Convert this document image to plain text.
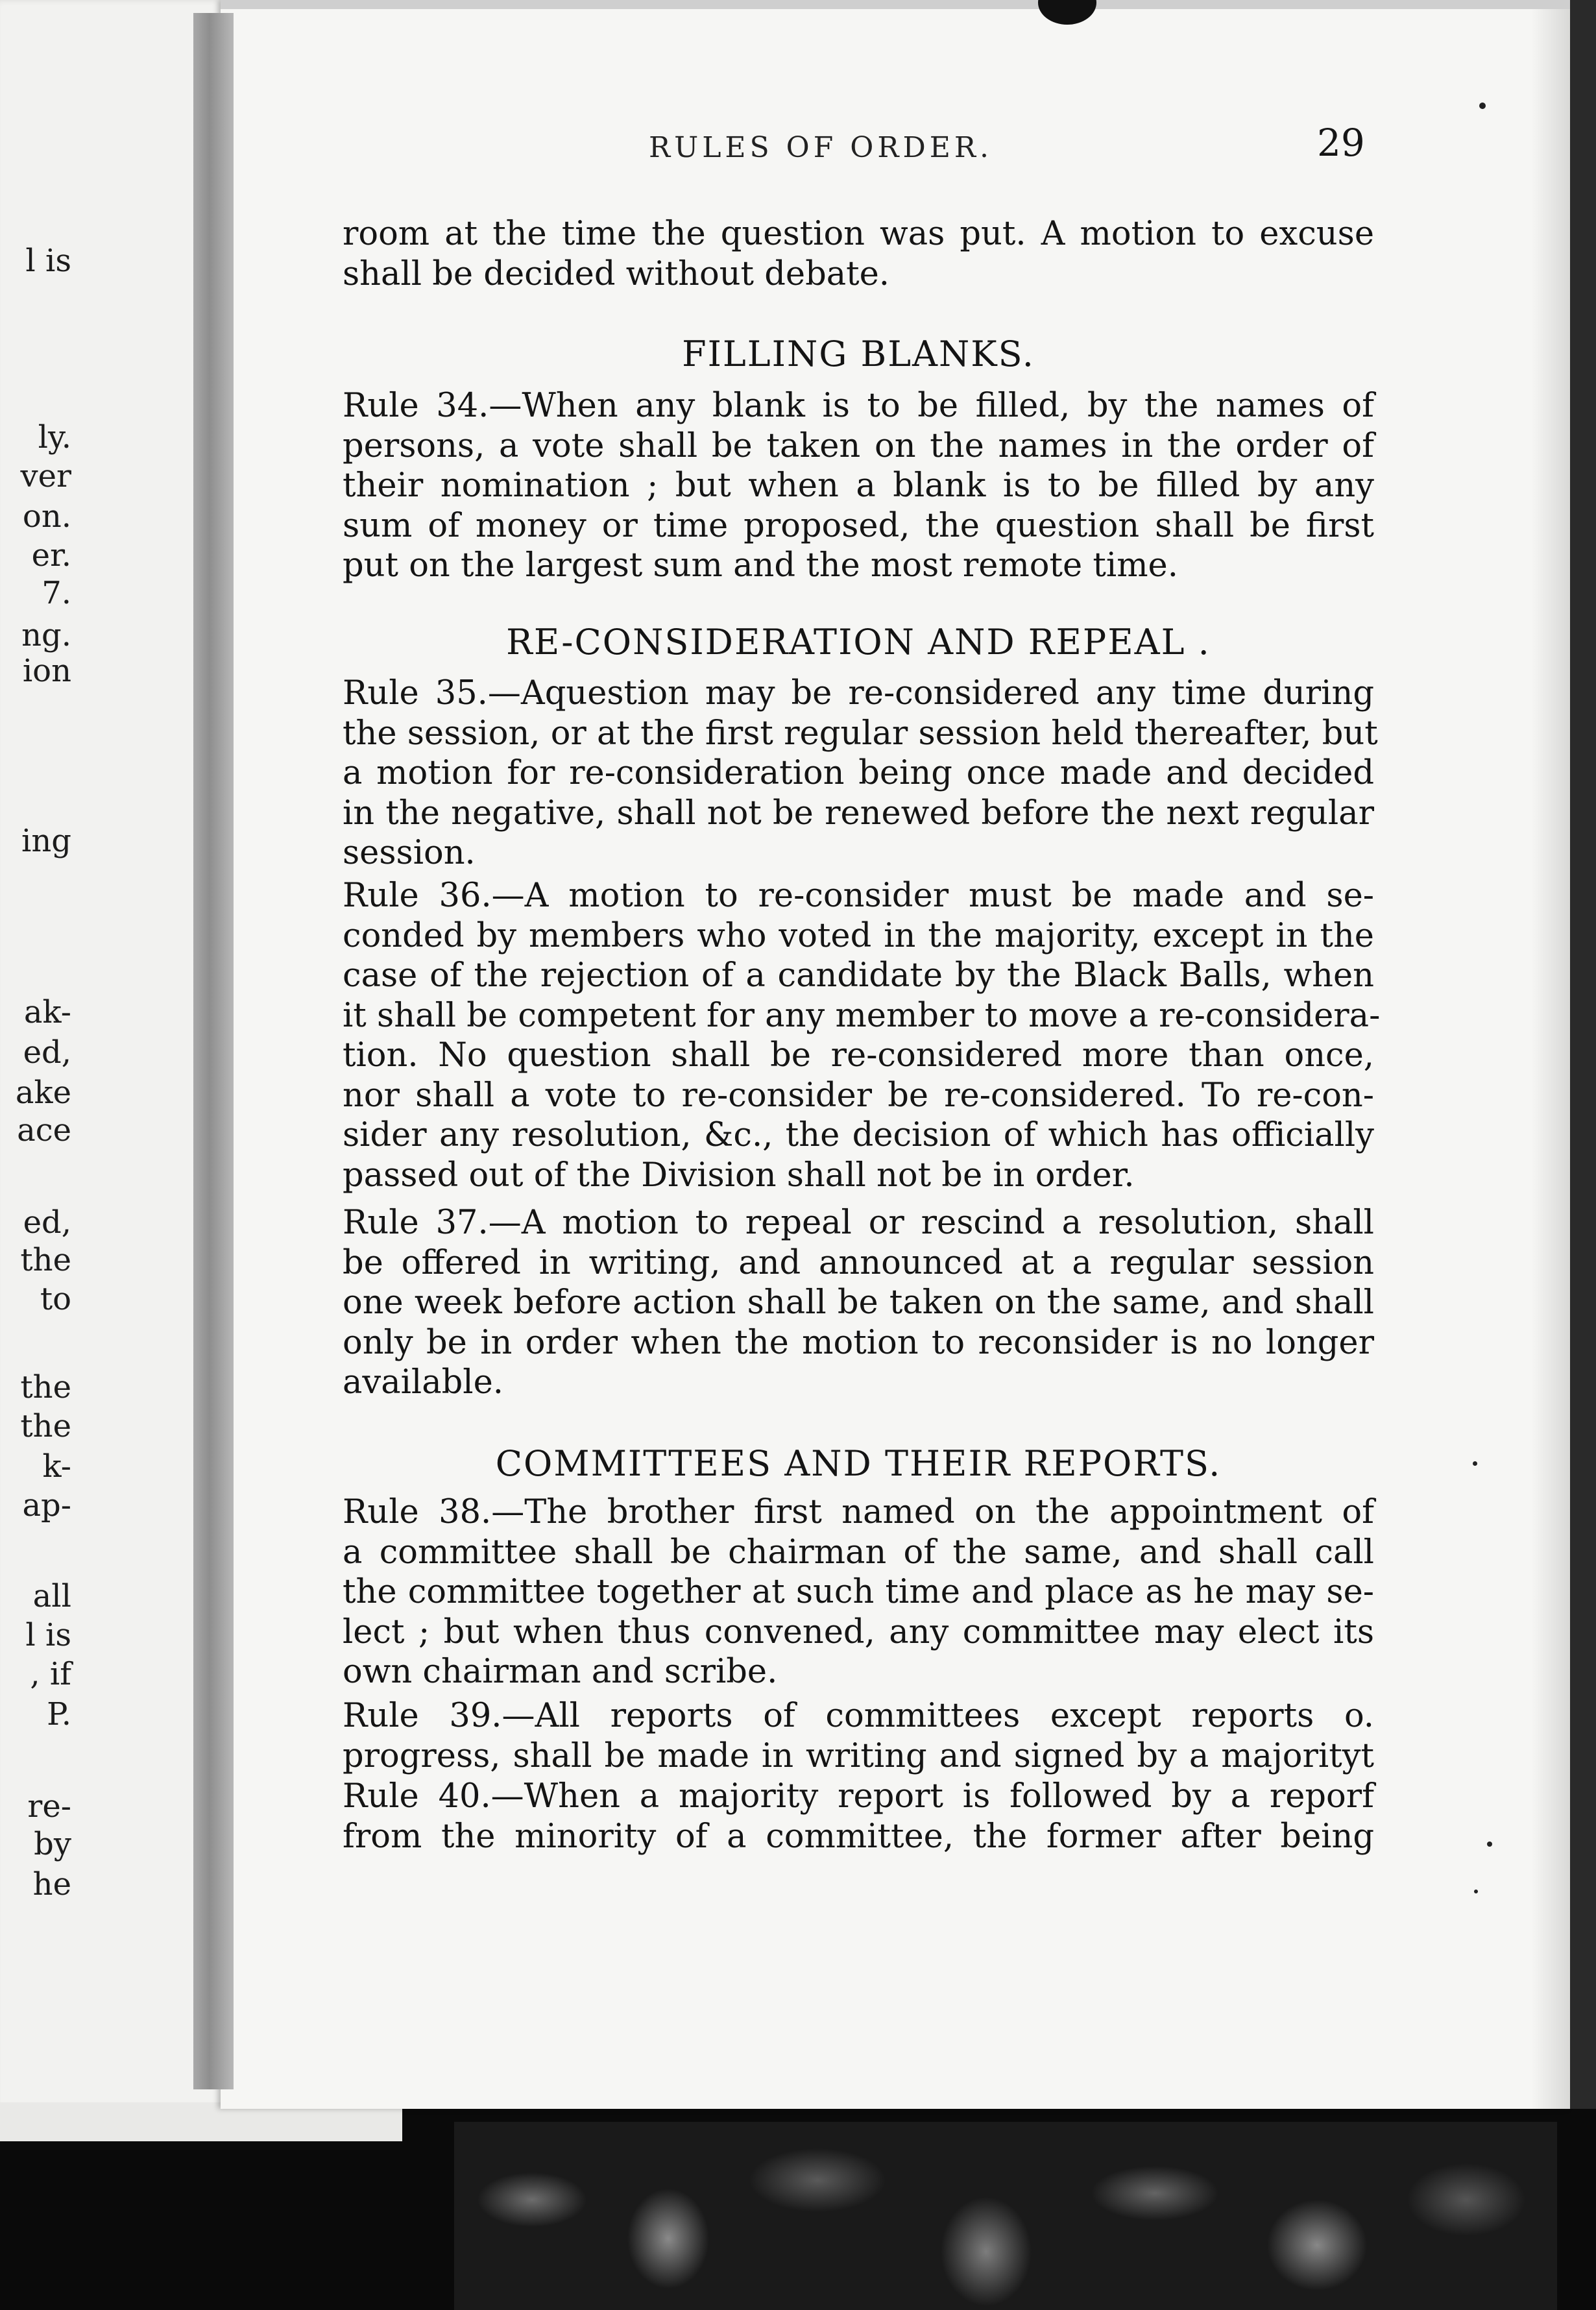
l is
ly.
ver
on.
er.
7.
ng.
ion
ing
ak-
ed,
ake
ace
ed,
the
to
the
the
k-
ap-
all
l is
, if
P.
re-
by
he
RULES OF ORDER.	29
room at the time the question was put. A motion to excuse
shall be decided without debate.
FILLING BLANKS.
Rule 34.—When any blank is to be filled, by the names of
persons, a vote shall be taken on the names in the order of
their nomination ; but when a blank is to be filled by any
sum of money or time proposed, the question shall be first
put on the largest sum and the most remote time.
RE-CONSIDERATION AND REPEAL .
Rule 35.—Aquestion may be re-considered any time during
the session, or at the first regular session held thereafter, but
a motion for re-consideration being once made and decided
in the negative, shall not be renewed before the next regular
session.
Rule 36.—A motion to re-consider must be made and se-
conded by members who voted in the majority, except in the
case of the rejection of a candidate by the Black Balls, when
it shall be competent for any member to move a re-considera-
tion. No question shall be re-considered more than once,
nor shall a vote to re-consider be re-considered. To re-con-
sider any resolution, &c., the decision of which has officially
passed out of the Division shall not be in order.
Rule 37.—A motion to repeal or rescind a resolution, shall
be offered in writing, and announced at a regular session
one week before action shall be taken on the same, and shall
only be in order when the motion to reconsider is no longer
available.
COMMITTEES AND THEIR REPORTS.
Rule 38.—The brother first named on the appointment of
a committee shall be chairman of the same, and shall call
the committee together at such time and place as he may se-
lect ; but when thus convened, any committee may elect its
own chairman and scribe.
Rule 39.—All reports of committees except reports o.
progress, shall be made in writing and signed by a majorityt
Rule 40.—When a majority report is followed by a reporf
from the minority of a committee, the former after being
